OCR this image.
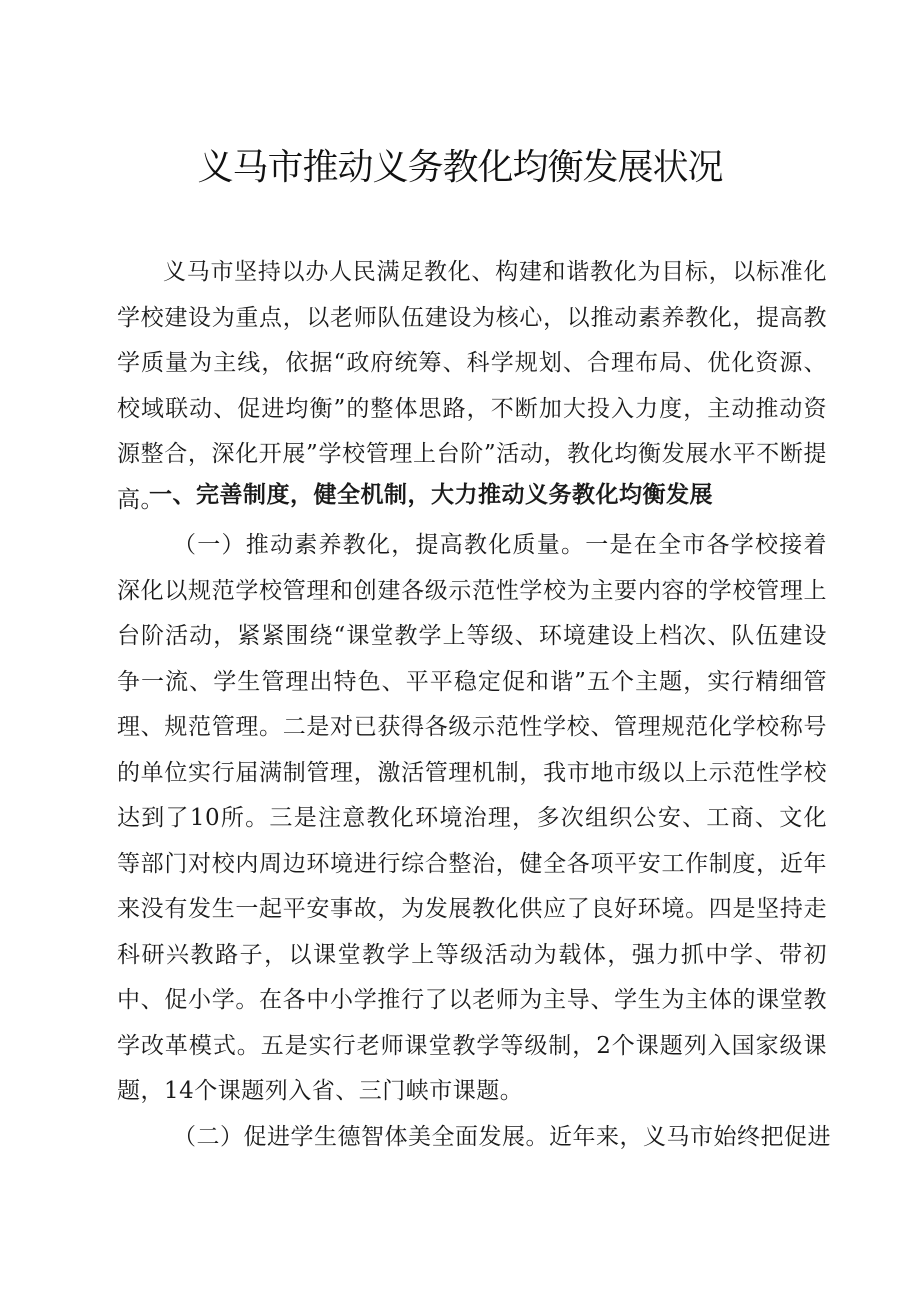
义马市推动义务教化均衡发展状况

义马市坚持以办人民满足教化、构建和谐教化为目标，以标准化学校建设为重点，以老师队伍建设为核心，以推动素养教化，提高教学质量为主线，依据“政府统筹、科学规划、合理布局、优化资源、校域联动、促进均衡”的整体思路，不断加大投入力度，主动推动资源整合，深化开展”学校管理上台阶”活动，教化均衡发展水平不断提高。

一、完善制度，健全机制，大力推动义务教化均衡发展

（一）推动素养教化，提高教化质量。一是在全市各学校接着深化以规范学校管理和创建各级示范性学校为主要内容的学校管理上台阶活动，紧紧围绕“课堂教学上等级、环境建设上档次、队伍建设争一流、学生管理出特色、平平稳定促和谐”五个主题，实行精细管理、规范管理。二是对已获得各级示范性学校、管理规范化学校称号的单位实行届满制管理，激活管理机制，我市地市级以上示范性学校达到了10所。三是注意教化环境治理，多次组织公安、工商、文化等部门对校内周边环境进行综合整治，健全各项平安工作制度，近年来没有发生一起平安事故，为发展教化供应了良好环境。四是坚持走科研兴教路子，以课堂教学上等级活动为载体，强力抓中学、带初中、促小学。在各中小学推行了以老师为主导、学生为主体的课堂教学改革模式。五是实行老师课堂教学等级制，2个课题列入国家级课题，14个课题列入省、三门峡市课题。

（二）促进学生德智体美全面发展。近年来，义马市始终把促进
